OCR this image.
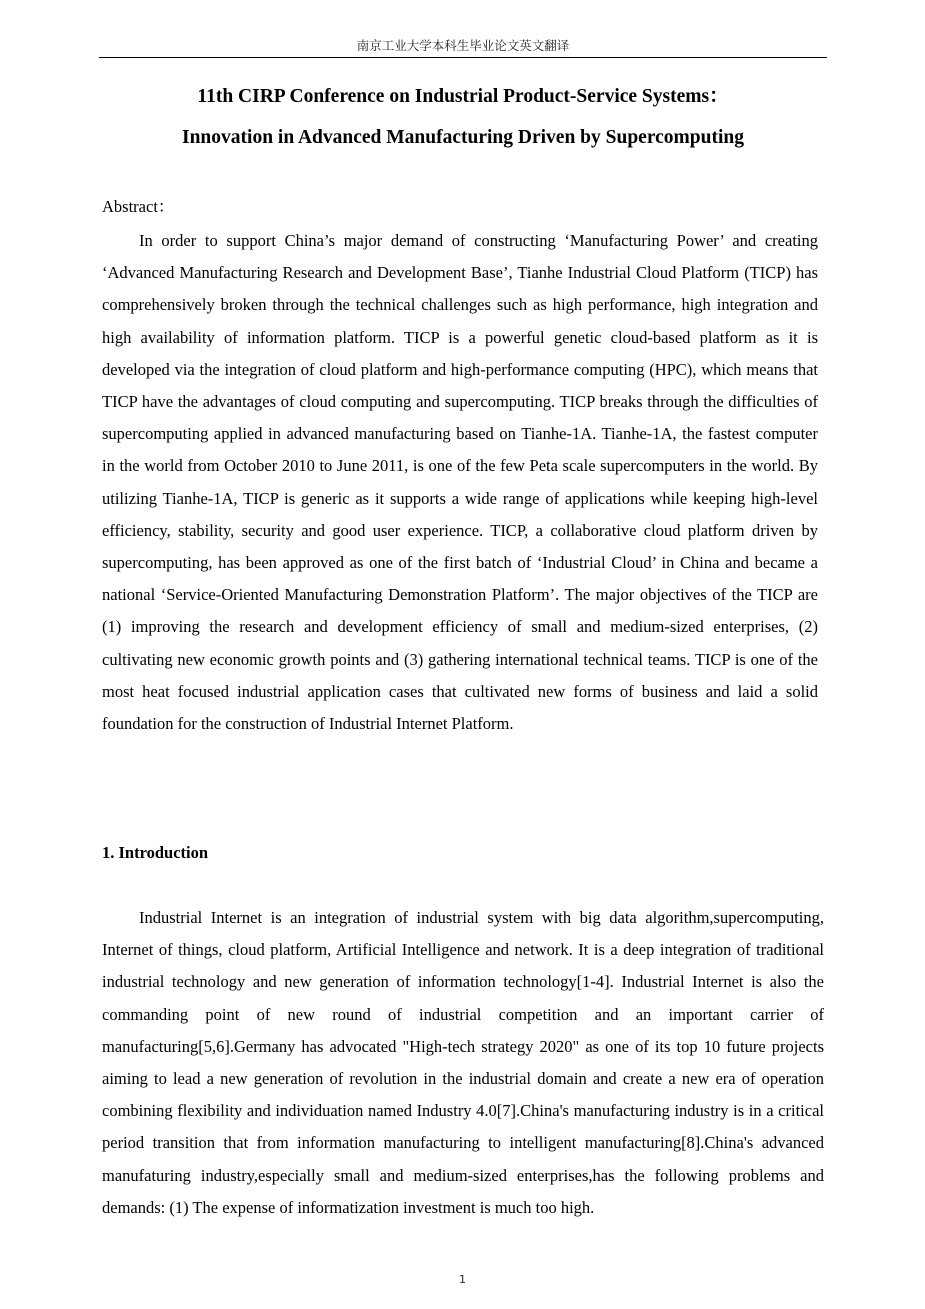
南京工业大学本科生毕业论文英文翻译
11th CIRP Conference on Industrial Product-Service Systems：
Innovation in Advanced Manufacturing Driven by Supercomputing
Abstract：

In order to support China’s major demand of constructing ‘Manufacturing Power’ and creating ‘Advanced Manufacturing Research and Development Base’, Tianhe Industrial Cloud Platform (TICP) has comprehensively broken through the technical challenges such as high performance, high integration and high availability of information platform. TICP is a powerful genetic cloud-based platform as it is developed via the integration of cloud platform and high-performance computing (HPC), which means that TICP have the advantages of cloud computing and supercomputing. TICP breaks through the difficulties of supercomputing applied in advanced manufacturing based on Tianhe-1A. Tianhe-1A, the fastest computer in the world from October 2010 to June 2011, is one of the few Peta scale supercomputers in the world. By utilizing Tianhe-1A, TICP is generic as it supports a wide range of applications while keeping high-level efficiency, stability, security and good user experience. TICP, a collaborative cloud platform driven by supercomputing, has been approved as one of the first batch of ‘Industrial Cloud’ in China and became a national ‘Service-Oriented Manufacturing Demonstration Platform’. The major objectives of the TICP are (1) improving the research and development efficiency of small and medium-sized enterprises, (2) cultivating new economic growth points and (3) gathering international technical teams. TICP is one of the most heat focused industrial application cases that cultivated new forms of business and laid a solid foundation for the construction of Industrial Internet Platform.

1. Introduction

Industrial Internet is an integration of industrial system with big data algorithm,supercomputing, Internet of things, cloud platform, Artificial Intelligence and network. It is a deep integration of traditional industrial technology and new generation of information technology[1-4]. Industrial Internet is also the commanding point of new round of industrial competition and an important carrier of manufacturing[5,6].Germany has advocated "High-tech strategy 2020" as one of its top 10 future projects aiming to lead a new generation of revolution in the industrial domain and create a new era of operation combining flexibility and individuation named Industry 4.0[7].China's manufacturing industry is in a critical period transition that from information manufacturing to intelligent manufacturing[8].China's advanced manufaturing industry,especially small and medium-sized enterprises,has the following problems and demands: (1) The expense of informatization investment is much too high.

1
